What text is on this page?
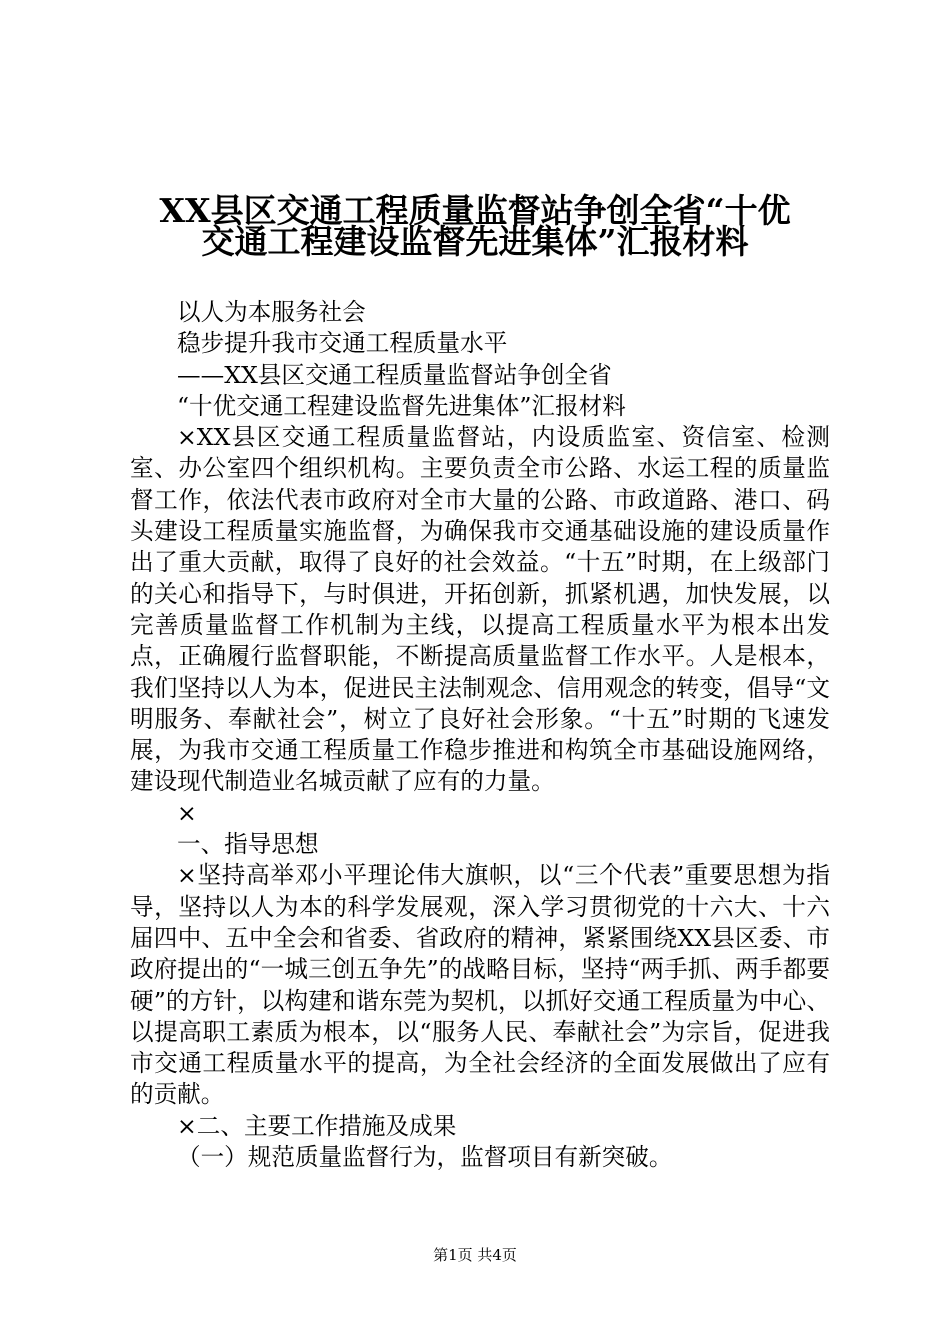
XX县区交通工程质量监督站争创全省“十优
交通工程建设监督先进集体”汇报材料

以人为本服务社会

稳步提升我市交通工程质量水平

——XX县区交通工程质量监督站争创全省

“十优交通工程建设监督先进集体”汇报材料

×XX县区交通工程质量监督站，内设质监室、资信室、检测室、办公室四个组织机构。主要负责全市公路、水运工程的质量监督工作，依法代表市政府对全市大量的公路、市政道路、港口、码头建设工程质量实施监督，为确保我市交通基础设施的建设质量作出了重大贡献，取得了良好的社会效益。“十五”时期，在上级部门的关心和指导下，与时俱进，开拓创新，抓紧机遇，加快发展，以完善质量监督工作机制为主线，以提高工程质量水平为根本出发点，正确履行监督职能，不断提高质量监督工作水平。人是根本，我们坚持以人为本，促进民主法制观念、信用观念的转变，倡导“文明服务、奉献社会”，树立了良好社会形象。“十五”时期的飞速发展，为我市交通工程质量工作稳步推进和构筑全市基础设施网络，建设现代制造业名城贡献了应有的力量。

×

一、指导思想

×坚持高举邓小平理论伟大旗帜，以“三个代表”重要思想为指导，坚持以人为本的科学发展观，深入学习贯彻党的十六大、十六届四中、五中全会和省委、省政府的精神，紧紧围绕XX县区委、市政府提出的“一城三创五争先”的战略目标，坚持“两手抓、两手都要硬”的方针，以构建和谐东莞为契机，以抓好交通工程质量为中心、以提高职工素质为根本，以“服务人民、奉献社会”为宗旨，促进我市交通工程质量水平的提高，为全社会经济的全面发展做出了应有的贡献。

×二、主要工作措施及成果

（一）规范质量监督行为，监督项目有新突破。

第1页 共4页
